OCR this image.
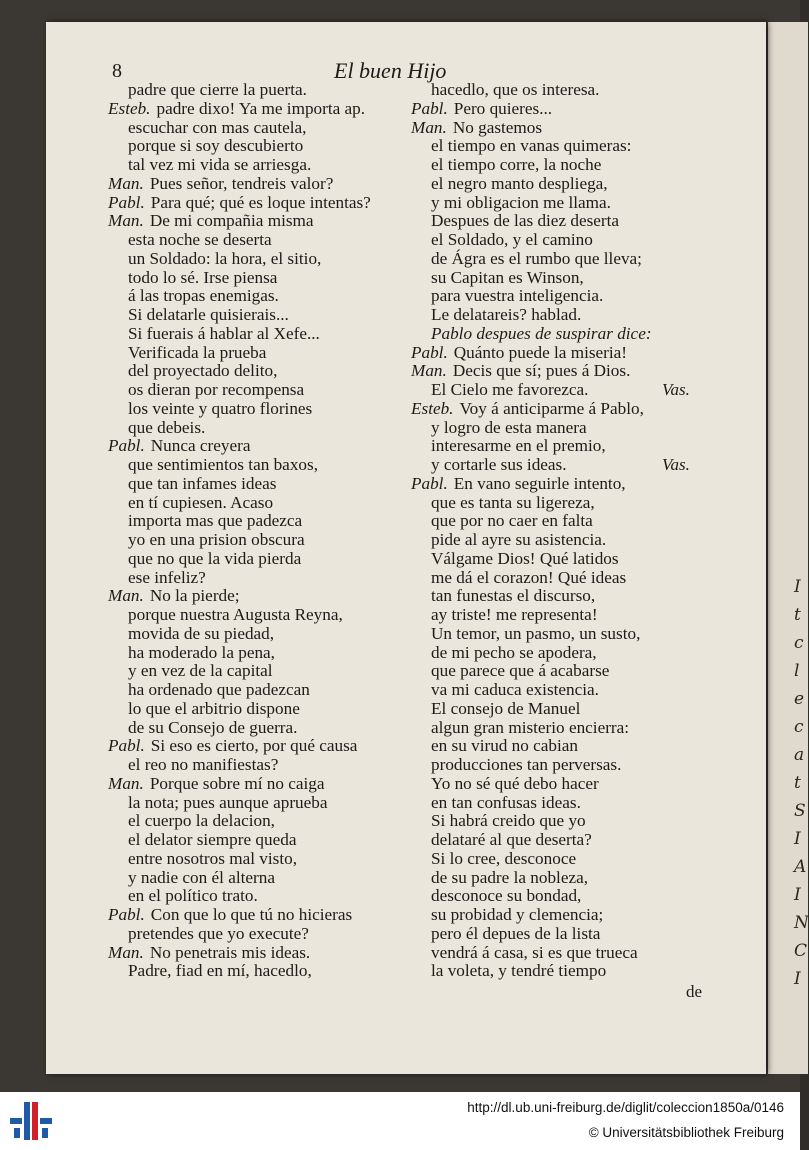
I
t
c
l
e
c
a
t
S
I
A
I
N
C
I
8	El buen Hijo
de
padre que cierre la puerta.
Esteb. padre dixo! Ya me importa ap.
escuchar con mas cautela,
porque si soy descubierto
tal vez mi vida se arriesga.
Man. Pues señor, tendreis valor?
Pabl. Para qué; qué es loque intentas?
Man. De mi compañia misma
esta noche se deserta
un Soldado: la hora, el sitio,
todo lo sé. Irse piensa
á las tropas enemigas.
Si delatarle quisierais...
Si fuerais á hablar al Xefe...
Verificada la prueba
del proyectado delito,
os dieran por recompensa
los veinte y quatro florines
que debeis.
Pabl. Nunca creyera
que sentimientos tan baxos,
que tan infames ideas
en tí cupiesen. Acaso
importa mas que padezca
yo en una prision obscura
que no que la vida pierda
ese infeliz?
Man. No la pierde;
porque nuestra Augusta Reyna,
movida de su piedad,
ha moderado la pena,
y en vez de la capital
ha ordenado que padezcan
lo que el arbitrio dispone
de su Consejo de guerra.
Pabl. Si eso es cierto, por qué causa
el reo no manifiestas?
Man. Porque sobre mí no caiga
la nota; pues aunque aprueba
el cuerpo la delacion,
el delator siempre queda
entre nosotros mal visto,
y nadie con él alterna
en el político trato.
Pabl. Con que lo que tú no hicieras
pretendes que yo execute?
Man. No penetrais mis ideas.
Padre, fiad en mí, hacedlo,
hacedlo, que os interesa.
Pabl. Pero quieres...
Man. No gastemos
el tiempo en vanas quimeras:
el tiempo corre, la noche
el negro manto despliega,
y mi obligacion me llama.
Despues de las diez deserta
el Soldado, y el camino
de Ágra es el rumbo que lleva;
su Capitan es Winson,
para vuestra inteligencia.
Le delatareis? hablad.
Pablo despues de suspirar dice:
Pabl. Quánto puede la miseria!
Man. Decis que sí; pues á Dios.
El Cielo me favorezca.	Vas.
Esteb. Voy á anticiparme á Pablo,
y logro de esta manera
interesarme en el premio,
y cortarle sus ideas.	Vas.
Pabl. En vano seguirle intento,
que es tanta su ligereza,
que por no caer en falta
pide al ayre su asistencia.
Válgame Dios! Qué latidos
me dá el corazon! Qué ideas
tan funestas el discurso,
ay triste! me representa!
Un temor, un pasmo, un susto,
de mi pecho se apodera,
que parece que á acabarse
va mi caduca existencia.
El consejo de Manuel
algun gran misterio encierra:
en su virud no cabian
producciones tan perversas.
Yo no sé qué debo hacer
en tan confusas ideas.
Si habrá creido que yo
delataré al que deserta?
Si lo cree, desconoce
de su padre la nobleza,
desconoce su bondad,
su probidad y clemencia;
pero él depues de la lista
vendrá á casa, si es que trueca
la voleta, y tendré tiempo
http://dl.ub.uni-freiburg.de/diglit/coleccion1850a/0146
© Universitätsbibliothek Freiburg
